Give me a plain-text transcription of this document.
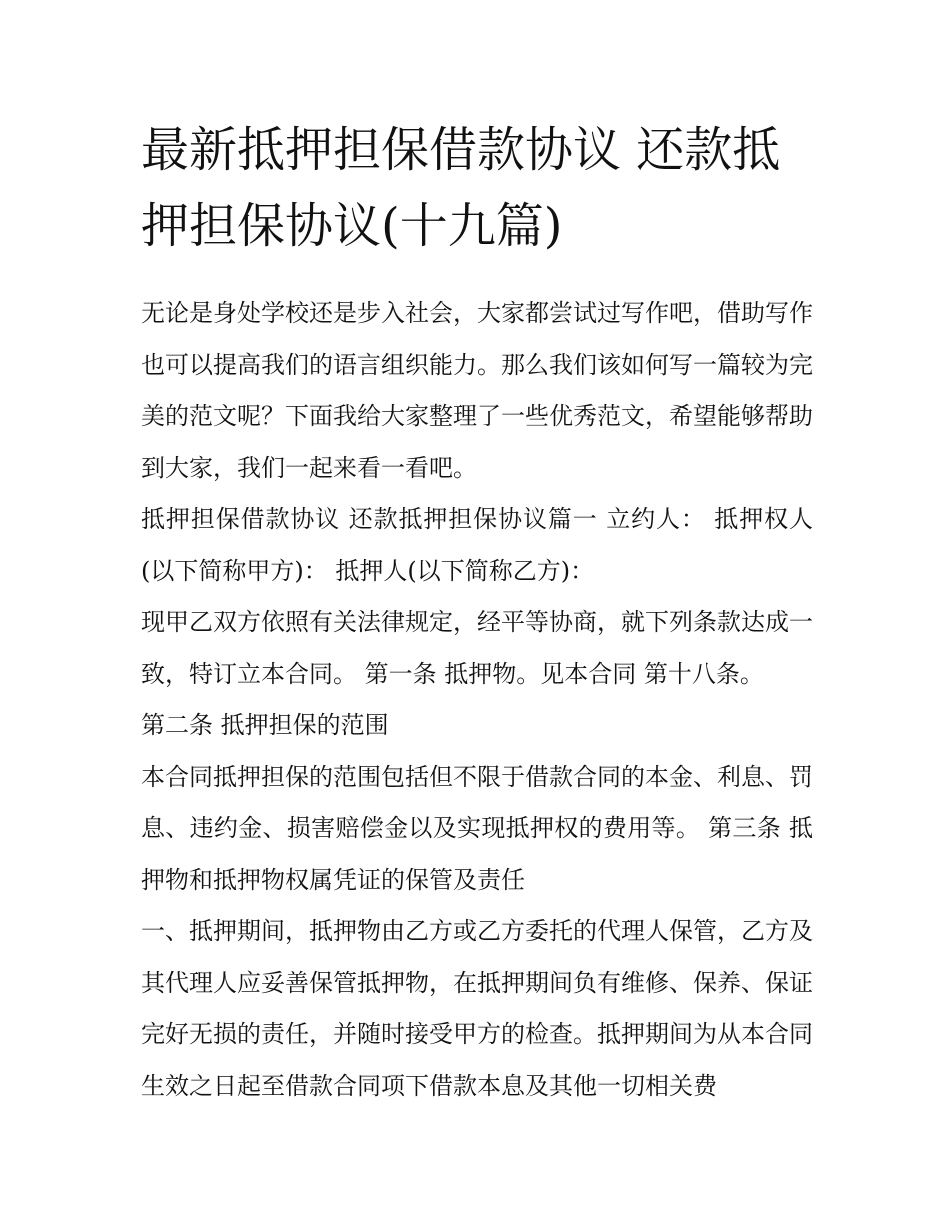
最新抵押担保借款协议 还款抵押担保协议(十九篇)

无论是身处学校还是步入社会，大家都尝试过写作吧，借助写作也可以提高我们的语言组织能力。那么我们该如何写一篇较为完美的范文呢？下面我给大家整理了一些优秀范文，希望能够帮助到大家，我们一起来看一看吧。

抵押担保借款协议 还款抵押担保协议篇一 立约人： 抵押权人(以下简称甲方)： 抵押人(以下简称乙方)：

现甲乙双方依照有关法律规定，经平等协商，就下列条款达成一致，特订立本合同。 第一条 抵押物。见本合同 第十八条。

第二条 抵押担保的范围

本合同抵押担保的范围包括但不限于借款合同的本金、利息、罚息、违约金、损害赔偿金以及实现抵押权的费用等。 第三条 抵押物和抵押物权属凭证的保管及责任

一、抵押期间，抵押物由乙方或乙方委托的代理人保管，乙方及其代理人应妥善保管抵押物，在抵押期间负有维修、保养、保证完好无损的责任，并随时接受甲方的检查。抵押期间为从本合同生效之日起至借款合同项下借款本息及其他一切相关费
